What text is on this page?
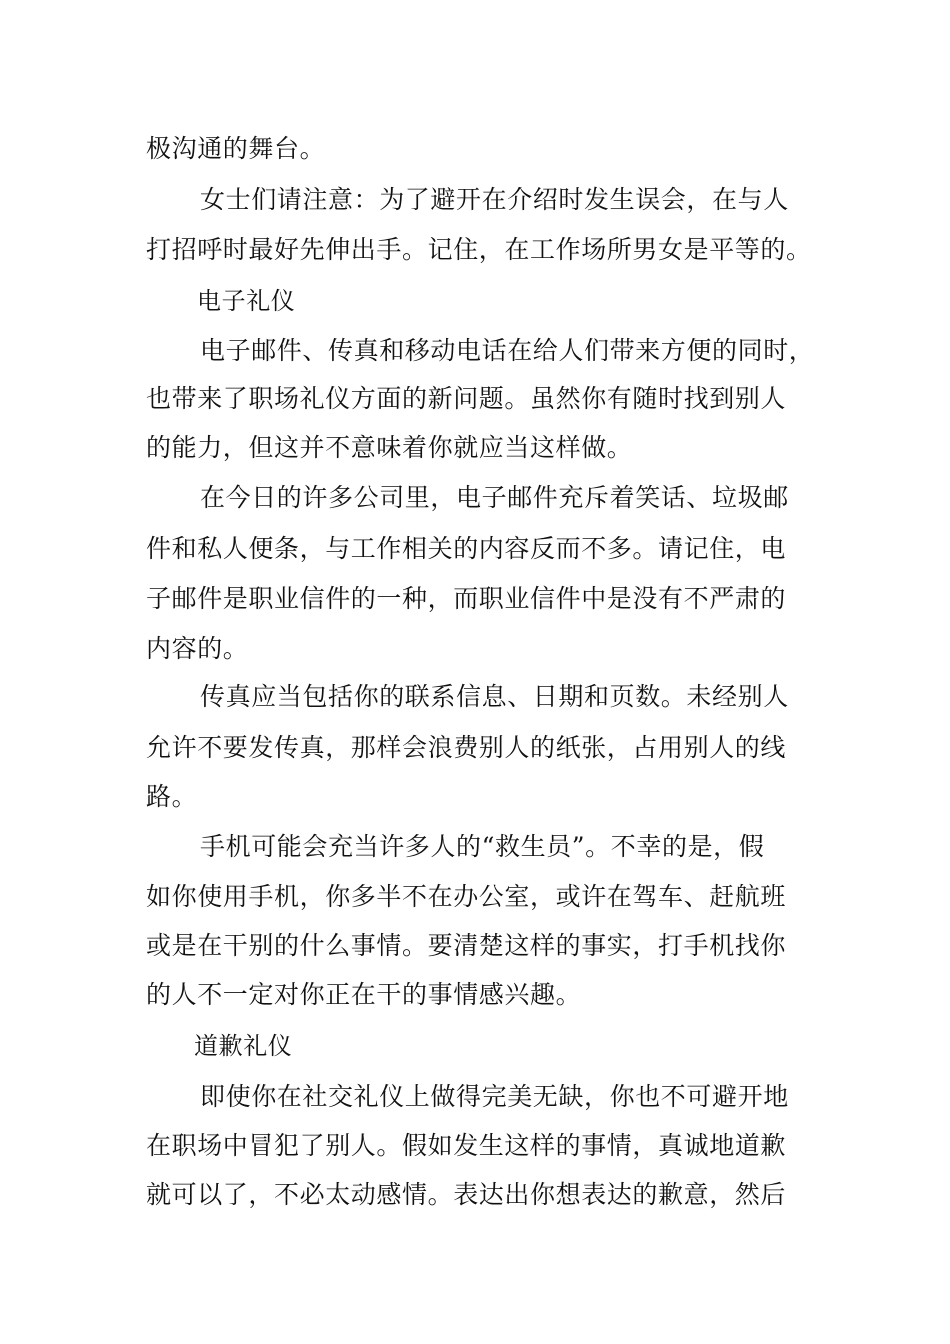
极沟通的舞台。
女士们请注意：为了避开在介绍时发生误会，在与人
打招呼时最好先伸出手。记住，在工作场所男女是平等的。
电子礼仪
电子邮件、传真和移动电话在给人们带来方便的同时，
也带来了职场礼仪方面的新问题。虽然你有随时找到别人
的能力，但这并不意味着你就应当这样做。
在今日的许多公司里，电子邮件充斥着笑话、垃圾邮
件和私人便条，与工作相关的内容反而不多。请记住，电
子邮件是职业信件的一种，而职业信件中是没有不严肃的
内容的。
传真应当包括你的联系信息、日期和页数。未经别人
允许不要发传真，那样会浪费别人的纸张，占用别人的线
路。
手机可能会充当许多人的“救生员”。不幸的是，假
如你使用手机，你多半不在办公室，或许在驾车、赶航班
或是在干别的什么事情。要清楚这样的事实，打手机找你
的人不一定对你正在干的事情感兴趣。
道歉礼仪
即使你在社交礼仪上做得完美无缺，你也不可避开地
在职场中冒犯了别人。假如发生这样的事情，真诚地道歉
就可以了，不必太动感情。表达出你想表达的歉意，然后
